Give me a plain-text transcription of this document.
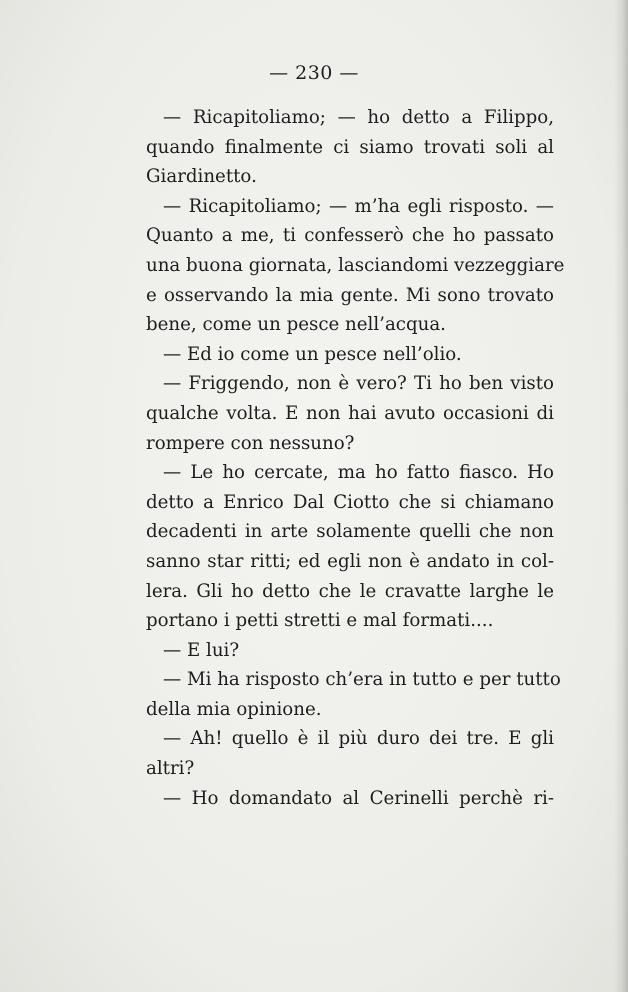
— 230 —
— Ricapitoliamo; — ho detto a Filippo,
quando finalmente ci siamo trovati soli al
Giardinetto.
— Ricapitoliamo; — m’ha egli risposto. —
Quanto a me, ti confesserò che ho passato
una buona giornata, lasciandomi vezzeggiare
e osservando la mia gente. Mi sono trovato
bene, come un pesce nell’acqua.
— Ed io come un pesce nell’olio.
— Friggendo, non è vero? Ti ho ben visto
qualche volta. E non hai avuto occasioni di
rompere con nessuno?
— Le ho cercate, ma ho fatto fiasco. Ho
detto a Enrico Dal Ciotto che si chiamano
decadenti in arte solamente quelli che non
sanno star ritti; ed egli non è andato in col-
lera. Gli ho detto che le cravatte larghe le
portano i petti stretti e mal formati....
— E lui?
— Mi ha risposto ch’era in tutto e per tutto
della mia opinione.
— Ah! quello è il più duro dei tre. E gli
altri?
— Ho domandato al Cerinelli perchè ri-
